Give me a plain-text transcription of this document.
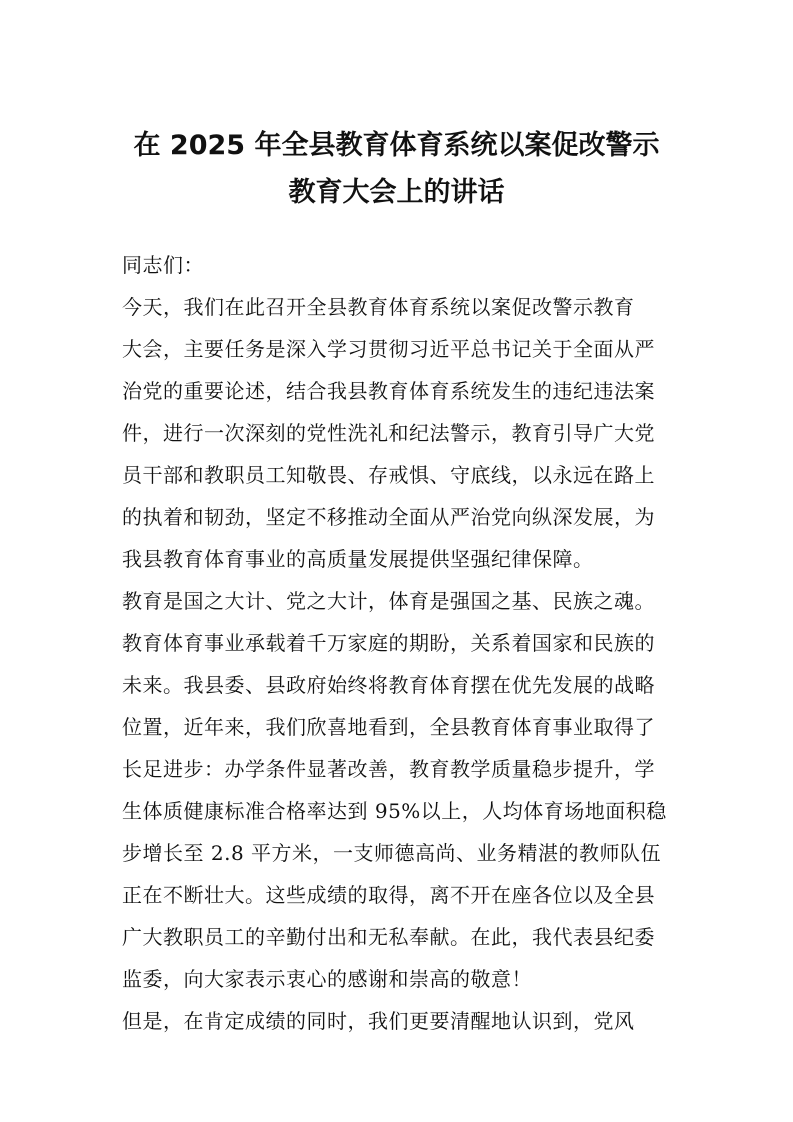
在 2025 年全县教育体育系统以案促改警示
教育大会上的讲话

同志们：

今天，我们在此召开全县教育体育系统以案促改警示教育

大会，主要任务是深入学习贯彻习近平总书记关于全面从严

治党的重要论述，结合我县教育体育系统发生的违纪违法案

件，进行一次深刻的党性洗礼和纪法警示，教育引导广大党

员干部和教职员工知敬畏、存戒惧、守底线，以永远在路上

的执着和韧劲，坚定不移推动全面从严治党向纵深发展，为

我县教育体育事业的高质量发展提供坚强纪律保障。

教育是国之大计、党之大计，体育是强国之基、民族之魂。

教育体育事业承载着千万家庭的期盼，关系着国家和民族的

未来。我县委、县政府始终将教育体育摆在优先发展的战略

位置，近年来，我们欣喜地看到，全县教育体育事业取得了

长足进步：办学条件显著改善，教育教学质量稳步提升，学

生体质健康标准合格率达到 95%以上，人均体育场地面积稳

步增长至 2.8 平方米，一支师德高尚、业务精湛的教师队伍

正在不断壮大。这些成绩的取得，离不开在座各位以及全县

广大教职员工的辛勤付出和无私奉献。在此，我代表县纪委

监委，向大家表示衷心的感谢和崇高的敬意！

但是，在肯定成绩的同时，我们更要清醒地认识到，党风
